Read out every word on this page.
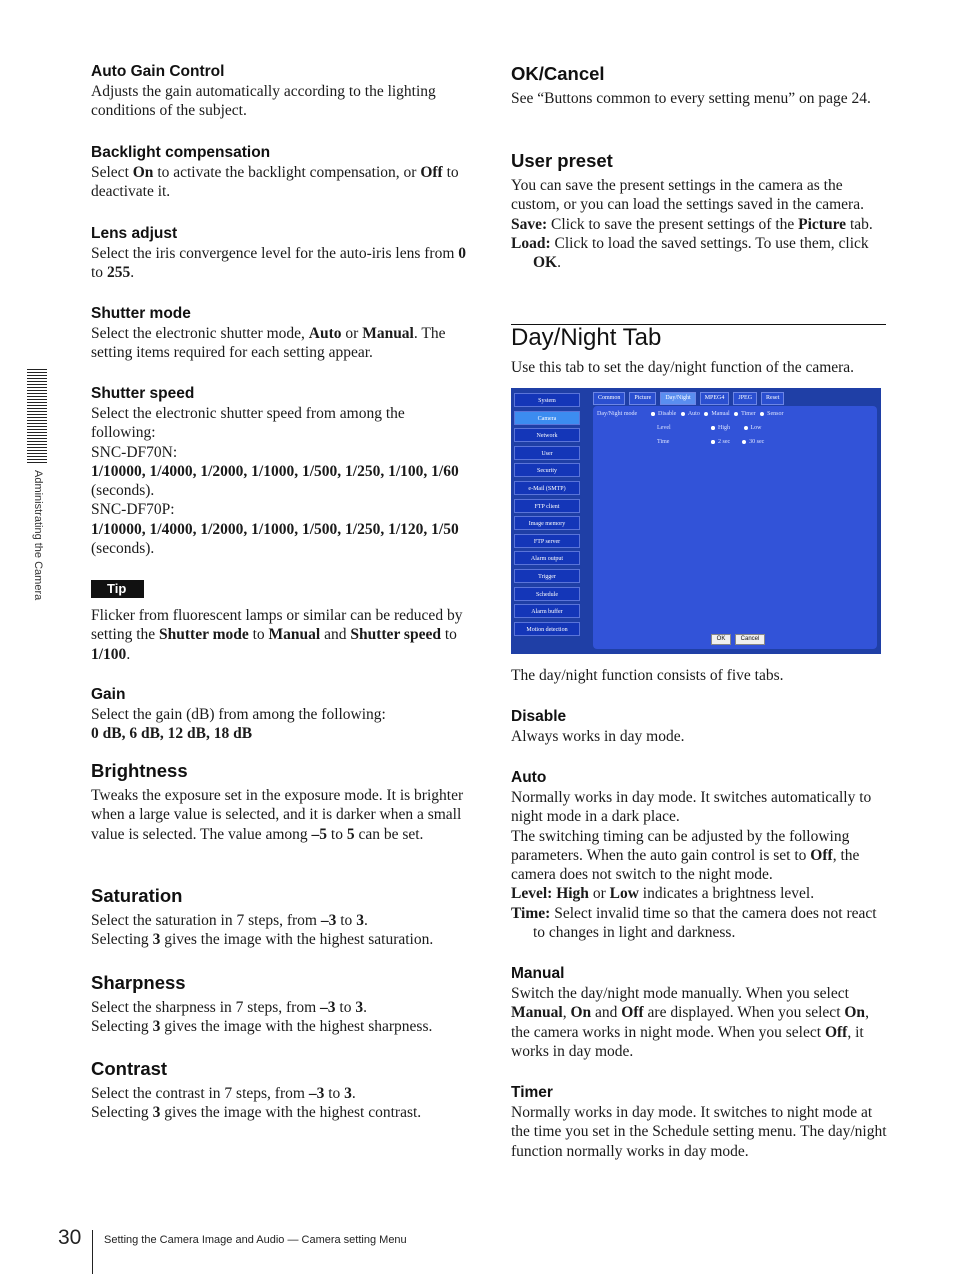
Administrating the Camera
Auto Gain Control

Adjusts the gain automatically according to the lighting conditions of the subject.

Backlight compensation

Select On to activate the backlight compensation, or Off to deactivate it.

Lens adjust

Select the iris convergence level for the auto-iris lens from 0 to 255.

Shutter mode

Select the electronic shutter mode, Auto or Manual. The setting items required for each setting appear.

Shutter speed

Select the electronic shutter speed from among the following:

SNC-DF70N:

1/10000, 1/4000, 1/2000, 1/1000, 1/500, 1/250, 1/100, 1/60 (seconds).

SNC-DF70P:

1/10000, 1/4000, 1/2000, 1/1000, 1/500, 1/250, 1/120, 1/50 (seconds).

Tip

Flicker from fluorescent lamps or similar can be reduced by setting the Shutter mode to Manual and Shutter speed to 1/100.

Gain

Select the gain (dB) from among the following:

0 dB, 6 dB, 12 dB, 18 dB

Brightness

Tweaks the exposure set in the exposure mode. It is brighter when a large value is selected, and it is darker when a small value is selected. The value among –5 to 5 can be set.

Saturation

Select the saturation in 7 steps, from –3 to 3.
Selecting 3 gives the image with the highest saturation.

Sharpness

Select the sharpness in 7 steps, from –3 to 3.
Selecting 3 gives the image with the highest sharpness.

Contrast

Select the contrast in 7 steps, from –3 to 3.
Selecting 3 gives the image with the highest contrast.

OK/Cancel

See “Buttons common to every setting menu” on page 24.

User preset

You can save the present settings in the camera as the custom, or you can load the settings saved in the camera.

Save: Click to save the present settings of the Picture tab.

Load: Click to load the saved settings. To use them, click OK.

Day/Night Tab

Use this tab to set the day/night function of the camera.

The day/night function consists of five tabs.

Disable

Always works in day mode.

Auto

Normally works in day mode. It switches automatically to night mode in a dark place.

The switching timing can be adjusted by the following parameters. When the auto gain control is set to Off, the camera does not switch to the night mode.

Level: High or Low indicates a brightness level.

Time: Select invalid time so that the camera does not react to changes in light and darkness.

Manual

Switch the day/night mode manually. When you select Manual, On and Off are displayed. When you select On, the camera works in night mode. When you select Off, it works in day mode.

Timer

Normally works in day mode. It switches to night mode at the time you set in the Schedule setting menu. The day/night function normally works in day mode.

System
Camera
Network
User
Security
e-Mail (SMTP)
FTP client
Image memory
FTP server
Alarm output
Trigger
Schedule
Alarm buffer
Motion detection
Common	Picture	Day/Night	MPEG4	JPEG	Reset
Day/Night mode	Disable Auto Manual Timer Sensor
Level	High	Low
Time	2 sec	30 sec
OK	Cancel
30 Setting the Camera Image and Audio — Camera setting Menu
